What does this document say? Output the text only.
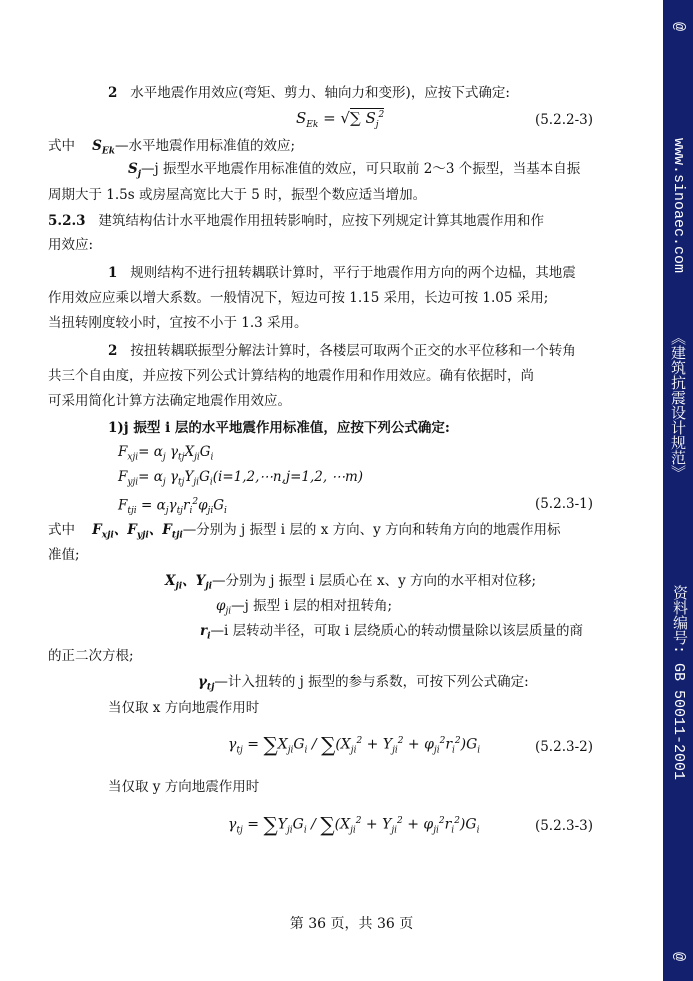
@
www.sinoaec.com
《建筑抗震设计规范》
资料编号: GB 50011-2001
@
2 水平地震作用效应(弯矩、剪力、轴向力和变形)，应按下式确定:
$S_{Ek}$ = √∑ $S_j^2$	(5.2.2-3)
式中 $S_{Ek}—$水平地震作用标准值的效应;
$S_j—j$ 振型水平地震作用标准值的效应，可只取前 2～3 个振型，当基本自振
周期大于 1.5s 或房屋高宽比大于 5 时，振型个数应适当增加。
5.2.3 建筑结构估计水平地震作用扭转影响时，应按下列规定计算其地震作用和作
用效应:
1 规则结构不进行扭转耦联计算时，平行于地震作用方向的两个边榀，其地震
作用效应应乘以增大系数。一般情况下，短边可按 1.15 采用，长边可按 1.05 采用;
当扭转刚度较小时，宜按不小于 1.3 采用。
2 按扭转耦联振型分解法计算时，各楼层可取两个正交的水平位移和一个转角
共三个自由度，并应按下列公式计算结构的地震作用和作用效应。确有依据时，尚
可采用简化计算方法确定地震作用效应。
1)j 振型 i 层的水平地震作用标准值，应按下列公式确定:
$F_{xji}= \alpha_j$ $\gamma_{tj}X_{ji}G_i$
$F_{yji}= \alpha_j$ $\gamma_{tj}Y_{ji}G_i(i=1,2,\cdots n,j=1,2$, ⋯m)
$F_{tji} = \alpha_j\gamma_{tj}r_i^2\varphi_{ji}G_i$	(5.2.3-1)
式中 $F_{xji}$、$F_{yji}$、$F_{tji}—$分别为 j 振型 i 层的 x 方向、y 方向和转角方向的地震作用标
准值;
$X_{ji}$、$Y_{ji}—$分别为 j 振型 i 层质心在 x、y 方向的水平相对位移;
$\varphi_{ji}—j$ 振型 i 层的相对扭转角;
$r_i—i$ 层转动半径，可取 i 层绕质心的转动惯量除以该层质量的商
的正二次方根;
$\gamma_{tj}—$计入扭转的 j 振型的参与系数，可按下列公式确定:
当仅取 x 方向地震作用时
$\gamma_{tj} = \sum X_{ji}G_i / \sum(X_{ji}^2 + Y_{ji}^2 + \varphi_{ji}^2r_i^2)G_i$	(5.2.3-2)
当仅取 y 方向地震作用时
$\gamma_{tj} = \sum Y_{ji}G_i / \sum(X_{ji}^2 + Y_{ji}^2 + \varphi_{ji}^2r_i^2)G_i$	(5.2.3-3)
第 36 页，共 36 页
